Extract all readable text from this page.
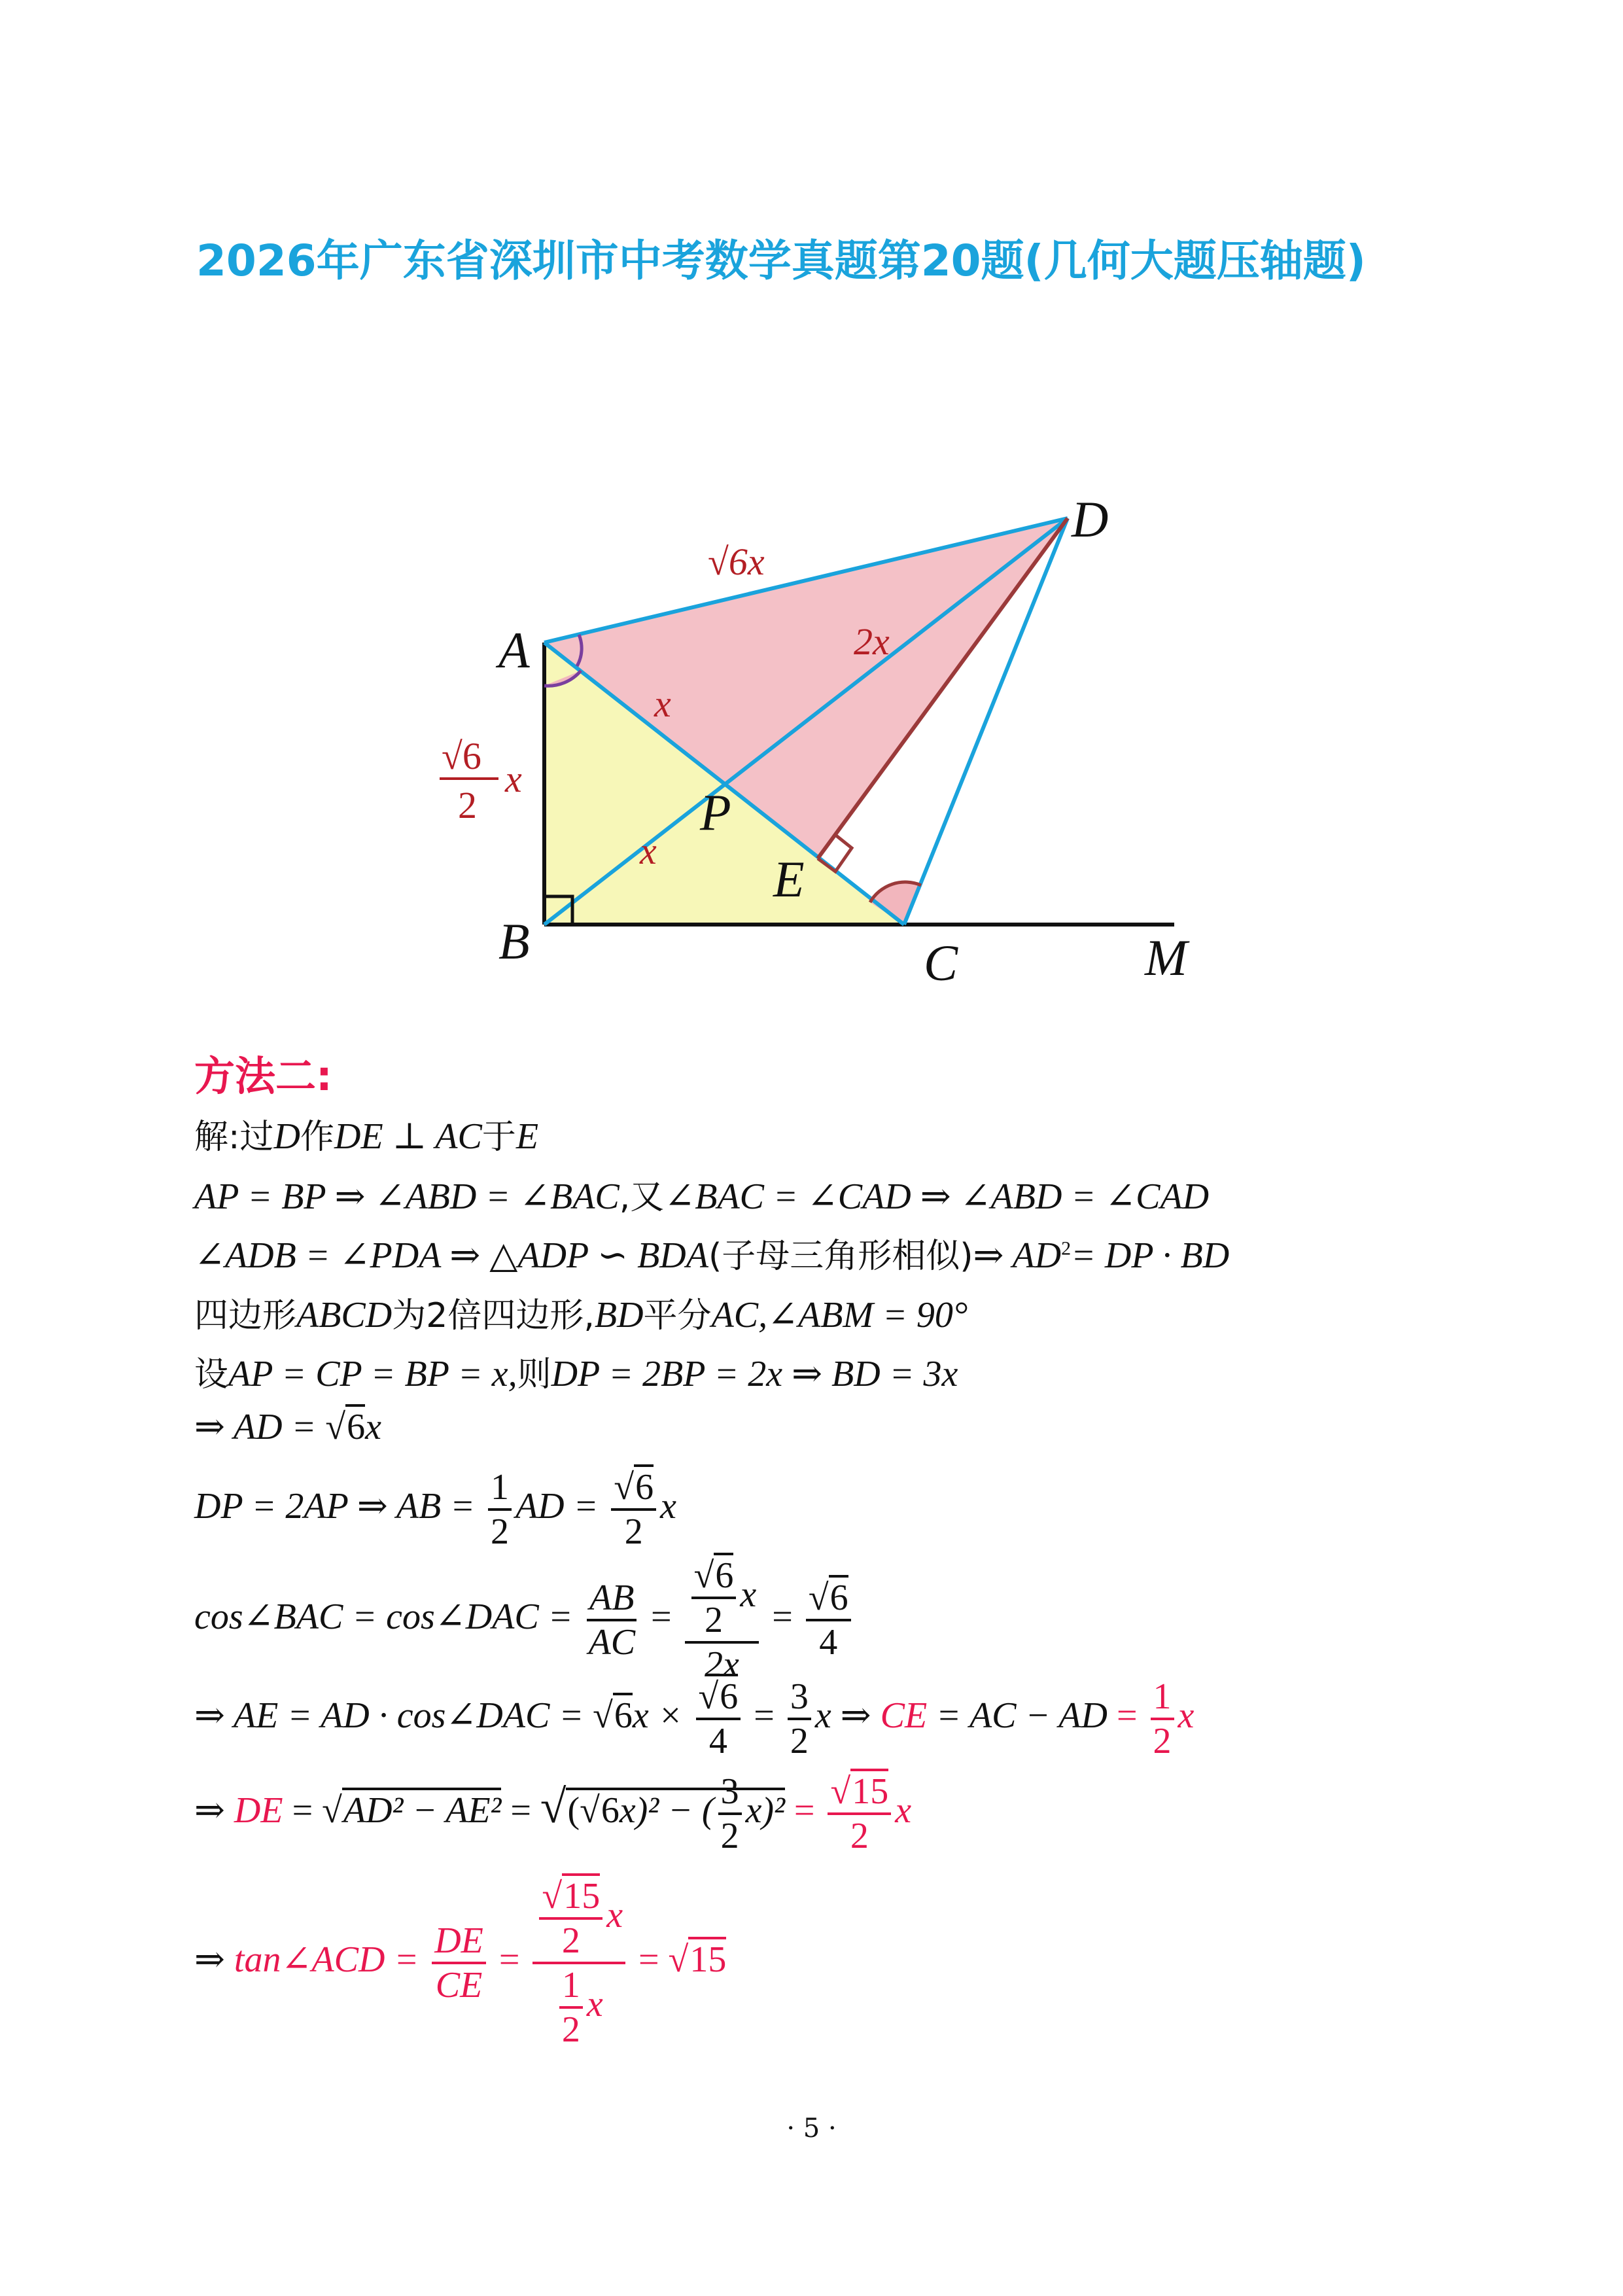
2026年广东省深圳市中考数学真题第20题(几何大题压轴题)
A
B	C
D
E
P
M
√6x
2x
x
x
√6
2
x
方法二:
解:过D作DE ⊥ AC于E
AP = BP ⇒ ∠ABD = ∠BAC,又∠BAC = ∠CAD ⇒ ∠ABD = ∠CAD
∠ADB = ∠PDA ⇒ △ADP ∽ BDA(子母三角形相似)⇒ $AD^2=$ DP · BD
四边形ABCD为2倍四边形,BD平分AC,∠ABM = 90°
设AP = CP = BP = x,则DP = 2BP = 2x ⇒ BD = 3x
⇒ AD = √6x
DP = 2AP ⇒ AB = $\frac{1}{2}$ AD = $\frac{√6}{2}$ x
cos∠BAC = cos∠DAC = $\frac{AB}{AC} = \frac{\frac{√6}{2} x}{2x} = \frac{√6}{4}$
⇒ AE = AD · cos∠DAC = $√6x \times \frac{√6}{4} = \frac{3}{2}$ x ⇒ CE = AC − AD = $\frac{1}{2}$ x
⇒ DE = √AD² − AE² = √(√6x)² − ( $\frac{3}{2} x)^2 = \frac{√15}{2}$ x
⇒ tan∠ACD = $\frac{DE}{CE} = \frac{\frac{√15}{2} x}{\frac{1}{2} x} = √15$
· 5 ·
